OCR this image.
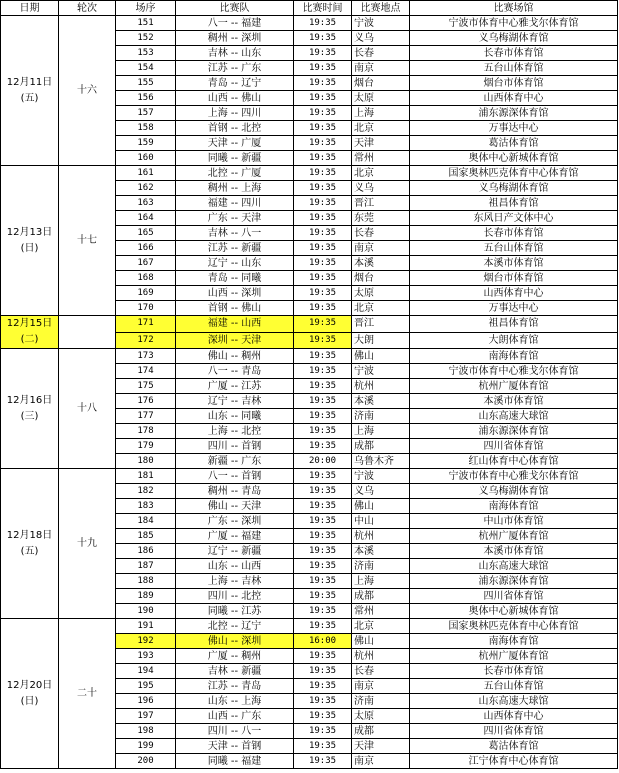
日期	轮次	场序	比赛队	比赛时间	比赛地点	比赛场馆

12月11日
(五)	十六	151	八一 -- 福建	19:35	宁波	宁波市体育中心雅戈尔体育馆
		152	稠州 -- 深圳	19:35	义乌	义乌梅湖体育馆
		153	吉林 -- 山东	19:35	长春	长春市体育馆
		154	江苏 -- 广东	19:35	南京	五台山体育馆
		155	青岛 -- 辽宁	19:35	烟台	烟台市体育馆
		156	山西 -- 佛山	19:35	太原	山西体育中心
		157	上海 -- 四川	19:35	上海	浦东源深体育馆
		158	首钢 -- 北控	19:35	北京	万事达中心
		159	天津 -- 广厦	19:35	天津	葛沽体育馆
		160	同曦 -- 新疆	19:35	常州	奥体中心新城体育馆

12月13日
(日)	十七	161	北控 -- 广厦	19:35	北京	国家奥林匹克体育中心体育馆
		162	稠州 -- 上海	19:35	义乌	义乌梅湖体育馆
		163	福建 -- 四川	19:35	晋江	祖昌体育馆
		164	广东 -- 天津	19:35	东莞	东风日产文体中心
		165	吉林 -- 八一	19:35	长春	长春市体育馆
		166	江苏 -- 新疆	19:35	南京	五台山体育馆
		167	辽宁 -- 山东	19:35	本溪	本溪市体育馆
		168	青岛 -- 同曦	19:35	烟台	烟台市体育馆
		169	山西 -- 深圳	19:35	太原	山西体育中心
		170	首钢 -- 佛山	19:35	北京	万事达中心

12月15日
(二)		171	福建 -- 山西	19:35	晋江	祖昌体育馆
		172	深圳 -- 天津	19:35	大朗	大朗体育馆

12月16日
(三)	十八	173	佛山 -- 稠州	19:35	佛山	南海体育馆
		174	八一 -- 青岛	19:35	宁波	宁波市体育中心雅戈尔体育馆
		175	广厦 -- 江苏	19:35	杭州	杭州广厦体育馆
		176	辽宁 -- 吉林	19:35	本溪	本溪市体育馆
		177	山东 -- 同曦	19:35	济南	山东高速大球馆
		178	上海 -- 北控	19:35	上海	浦东源深体育馆
		179	四川 -- 首钢	19:35	成都	四川省体育馆
		180	新疆 -- 广东	20:00	乌鲁木齐	红山体育中心体育馆

12月18日
(五)	十九	181	八一 -- 首钢	19:35	宁波	宁波市体育中心雅戈尔体育馆
		182	稠州 -- 青岛	19:35	义乌	义乌梅湖体育馆
		183	佛山 -- 天津	19:35	佛山	南海体育馆
		184	广东 -- 深圳	19:35	中山	中山市体育馆
		185	广厦 -- 福建	19:35	杭州	杭州广厦体育馆
		186	辽宁 -- 新疆	19:35	本溪	本溪市体育馆
		187	山东 -- 山西	19:35	济南	山东高速大球馆
		188	上海 -- 吉林	19:35	上海	浦东源深体育馆
		189	四川 -- 北控	19:35	成都	四川省体育馆
		190	同曦 -- 江苏	19:35	常州	奥体中心新城体育馆

12月20日
(日)	二十	191	北控 -- 辽宁	19:35	北京	国家奥林匹克体育中心体育馆
		192	佛山 -- 深圳	16:00	佛山	南海体育馆
		193	广厦 -- 稠州	19:35	杭州	杭州广厦体育馆
		194	吉林 -- 新疆	19:35	长春	长春市体育馆
		195	江苏 -- 青岛	19:35	南京	五台山体育馆
		196	山东 -- 上海	19:35	济南	山东高速大球馆
		197	山西 -- 广东	19:35	太原	山西体育中心
		198	四川 -- 八一	19:35	成都	四川省体育馆
		199	天津 -- 首钢	19:35	天津	葛沽体育馆
		200	同曦 -- 福建	19:35	南京	江宁体育中心体育馆
